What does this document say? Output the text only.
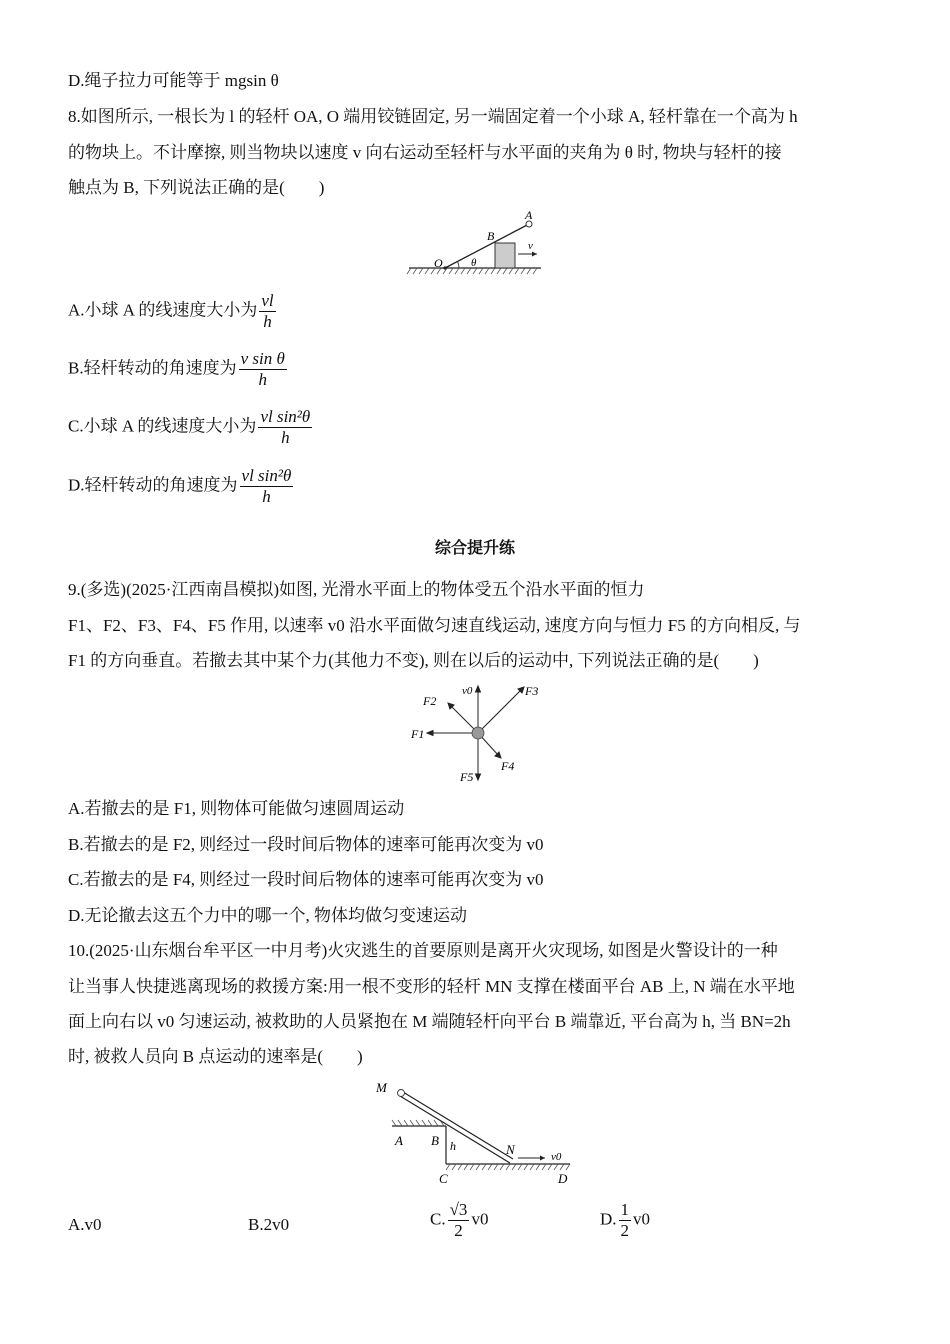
D.绳子拉力可能等于 mgsin θ
8.如图所示, 一根长为 l 的轻杆 OA, O 端用铰链固定, 另一端固定着一个小球 A, 轻杆靠在一个高为 h
的物块上。不计摩擦, 则当物块以速度 v 向右运动至轻杆与水平面的夹角为 θ 时, 物块与轻杆的接
触点为 B, 下列说法正确的是(　　)
A
B
O	θ
v
A.小球 A 的线速度大小为 $\frac{vl}{h}$
B.轻杆转动的角速度为 $\frac{\text{v sin θ}}{h}$
C.小球 A 的线速度大小为 $\frac{\text{vl sin²θ}}{h}$
D.轻杆转动的角速度为 $\frac{\text{vl sin²θ}}{h}$
综合提升练
9.(多选)(2025·江西南昌模拟)如图, 光滑水平面上的物体受五个沿水平面的恒力
F1、F2、F3、F4、F5 作用, 以速率 v0 沿水平面做匀速直线运动, 速度方向与恒力 F5 的方向相反, 与
F1 的方向垂直。若撤去其中某个力(其他力不变), 则在以后的运动中, 下列说法正确的是(　　)
v0
F1
F2
F3
F4
F5
A.若撤去的是 F1, 则物体可能做匀速圆周运动
B.若撤去的是 F2, 则经过一段时间后物体的速率可能再次变为 v0
C.若撤去的是 F4, 则经过一段时间后物体的速率可能再次变为 v0
D.无论撤去这五个力中的哪一个, 物体均做匀变速运动
10.(2025·山东烟台牟平区一中月考)火灾逃生的首要原则是离开火灾现场, 如图是火警设计的一种
让当事人快捷逃离现场的救援方案:用一根不变形的轻杆 MN 支撑在楼面平台 AB 上, N 端在水平地
面上向右以 v0 匀速运动, 被救助的人员紧抱在 M 端随轻杆向平台 B 端靠近, 平台高为 h, 当 BN=2h
时, 被救人员向 B 点运动的速率是(　　)
M
A B h	N	v0
C	D
A.v0	B.2v0	C. $\frac{√3}{2} v0$	D. $\frac{1}{2} v0$
